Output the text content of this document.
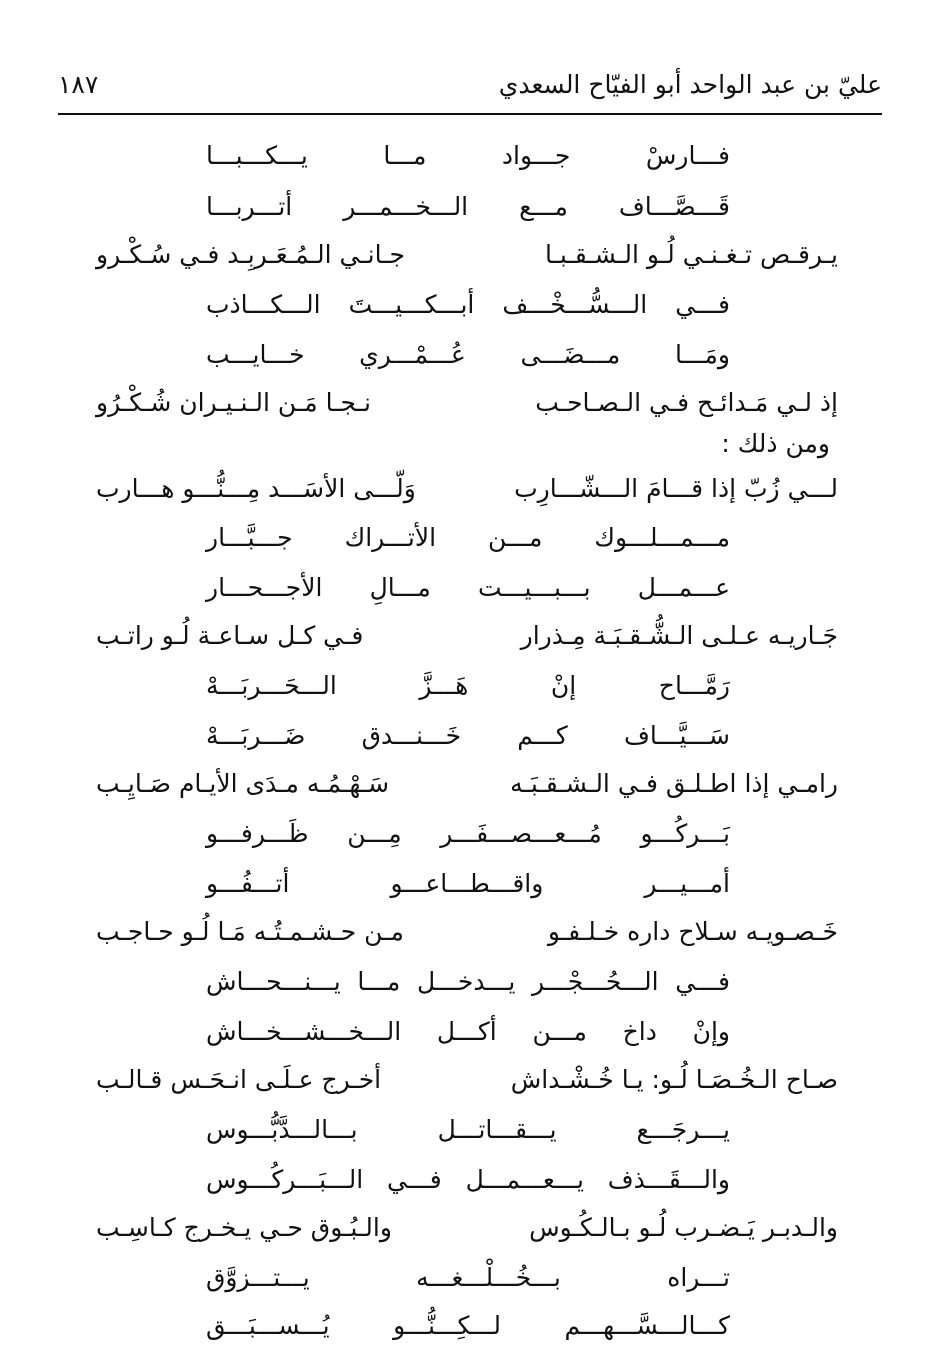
عليّ بن عبد الواحد أبو الفيّاح السعدي
١٨٧
فـــارسْ جـــواد مـــا يـــكـــبـــا
قَـــصَّـــاف مـــع الـــخـــمـــر أتـــربـــا
يـرقـص تـغـنـي لُـو الـشـقـبـا
جـانـي الـمُـعَـربِـد فـي سُـكْـرو
فـــي الـــسُّـــخْـــف أبـــكـــيـــتَ الـــكـــاذب
ومَـــا مـــضَـــى عُـــمْـــري خـــايـــب
إذ لـي مَـدائـح فـي الـصـاحـب
نـجـا مَـن الـنـيـران شُـكْـرُو
ومن ذلك :
لـــي زُبّ إذا قـــامَ الـــشّـــارِب
وَلّـــى الأسَـــد مِـــنُّـــو هـــارب
مـــمـــلـــوك مـــن الأتـــراك جـــبَّـــار
عـــمـــل بـــبـــيـــت مـــالِ الأجـــحـــار
جَـاريـه عـلـى الـشُّـقـبَـة مِـذرار
فـي كـل سـاعـة لُـو راتـب
رَمَّـــاح إنْ هَـــزَّ الـــحَـــربَـــهْ
سَـــيَّـــاف كـــم خَـــنـــدق ضَـــربَـــهْ
رامـي إذا اطـلـق فـي الـشـقـبَـه
سَـهْـمُـه مـدَى الأيـام صَـايِـب
بَـــركُـــو مُـــعـــصـــفَـــر مِـــن ظَـــرفـــو
أمـــيـــر واقـــطـــاعـــو أتـــفُـــو
خَـصـويـه سـلاح داره خـلـفـو
مـن حـشـمـتُـه مَـا لُـو حـاجـب
فـــي الـــحُـــجْـــر يـــدخـــل مـــا يـــنـــحـــاش
وإنْ داخ مـــن أكـــل الـــخـــشـــخـــاش
صـاح الـخُـصَـا لُـو: يـا خُـشْـداش
أخـرج عـلَـى انـحَـس قـالـب
يـــرجَـــع يـــقـــاتـــل بـــالـــدَّبُّـــوس
والـــقَـــذف يـــعـــمـــل فـــي الـــبَـــركُـــوس
والـدبـر يَـضـرب لُـو بـالـكُـوس
والـبُـوق حـي يـخـرج كـاسِـب
تـــراه بـــخُـــلْـــغـــه يـــتـــزوَّق
كـــالـــسَّـــهـــم لـــكِـــنُّـــو يُـــســـبَـــق
